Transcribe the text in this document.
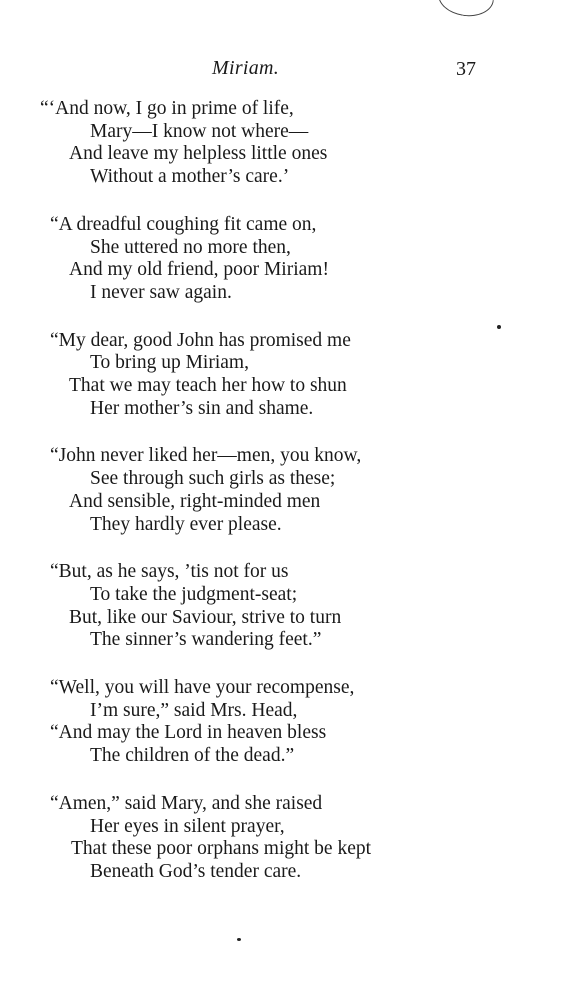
Miriam.	37
“‘And now, I go in prime of life,
Mary—I know not where—
And leave my helpless little ones
Without a mother’s care.’
“A dreadful coughing fit came on,
She uttered no more then,
And my old friend, poor Miriam!
I never saw again.
“My dear, good John has promised me
To bring up Miriam,
That we may teach her how to shun
Her mother’s sin and shame.
“John never liked her—men, you know,
See through such girls as these;
And sensible, right-minded men
They hardly ever please.
“But, as he says, ’tis not for us
To take the judgment-seat;
But, like our Saviour, strive to turn
The sinner’s wandering feet.”
“Well, you will have your recompense,
I’m sure,” said Mrs. Head,
“And may the Lord in heaven bless
The children of the dead.”
“Amen,” said Mary, and she raised
Her eyes in silent prayer,
That these poor orphans might be kept
Beneath God’s tender care.
